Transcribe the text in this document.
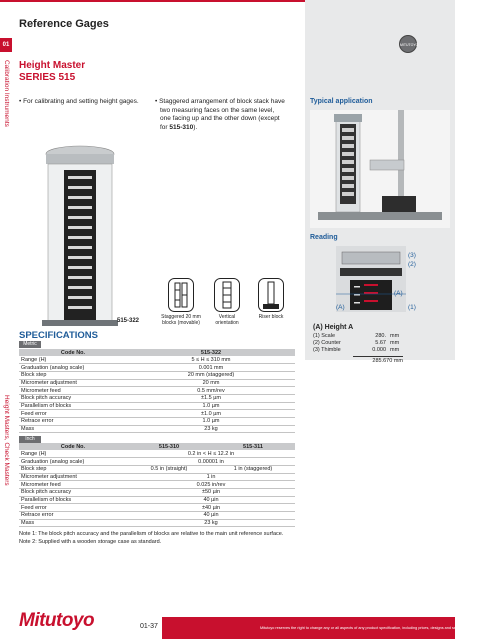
01
Calibration Instruments
Height Masters, Check Masters
Reference Gages
MITUTOYO
Height Master
SERIES 515
• For calibrating and setting height gages.	• Staggered arrangement of block stack have
two measuring faces on the same level,
one facing up and the other down (except
for 515-310).
Typical application
Reading
(3)
(2)
(A)
(A)
(1)
(A) Height A
(1) Scale	280. mm
(2) Counter	5.67 mm
(3) Thimble	0.000 mm
285.670 mm
515-322
Staggered 20 mm
blocks (movable)
Vertical
orientation
Riser block
SPECIFICATIONS
Metric
Code No.	515-322
Range (H)	5 ≤ H ≤ 310 mm
Graduation (analog scale)	0.001 mm
Block step	20 mm (staggered)
Micrometer adjustment	20 mm
Micrometer feed	0.5 mm/rev
Block pitch accuracy	±1.5 µm
Parallelism of blocks	1.0 µm
Feed error	±1.0 µm
Retrace error	1.0 µm
Mass	23 kg
Inch
Code No.	515-310	515-311
Range (H)	0.2 in < H ≤ 12.2 in	
Graduation (analog scale)	0.00001 in	
Block step	0.5 in (straight)	1 in (staggered)
Micrometer adjustment	1 in	
Micrometer feed	0.025 in/rev	
Block pitch accuracy	±50 µin	
Parallelism of blocks	40 µin	
Feed error	±40 µin	
Retrace error	40 µin	
Mass	23 kg	
Note 1: The block pitch accuracy and the parallelism of blocks are relative to the main unit reference surface.
Note 2: Supplied with a wooden storage case as standard.
Mitutoyo	01-37	Mitutoyo reserves the right to change any or all aspects of any product specification, including prices, designs and service content, without notice.
